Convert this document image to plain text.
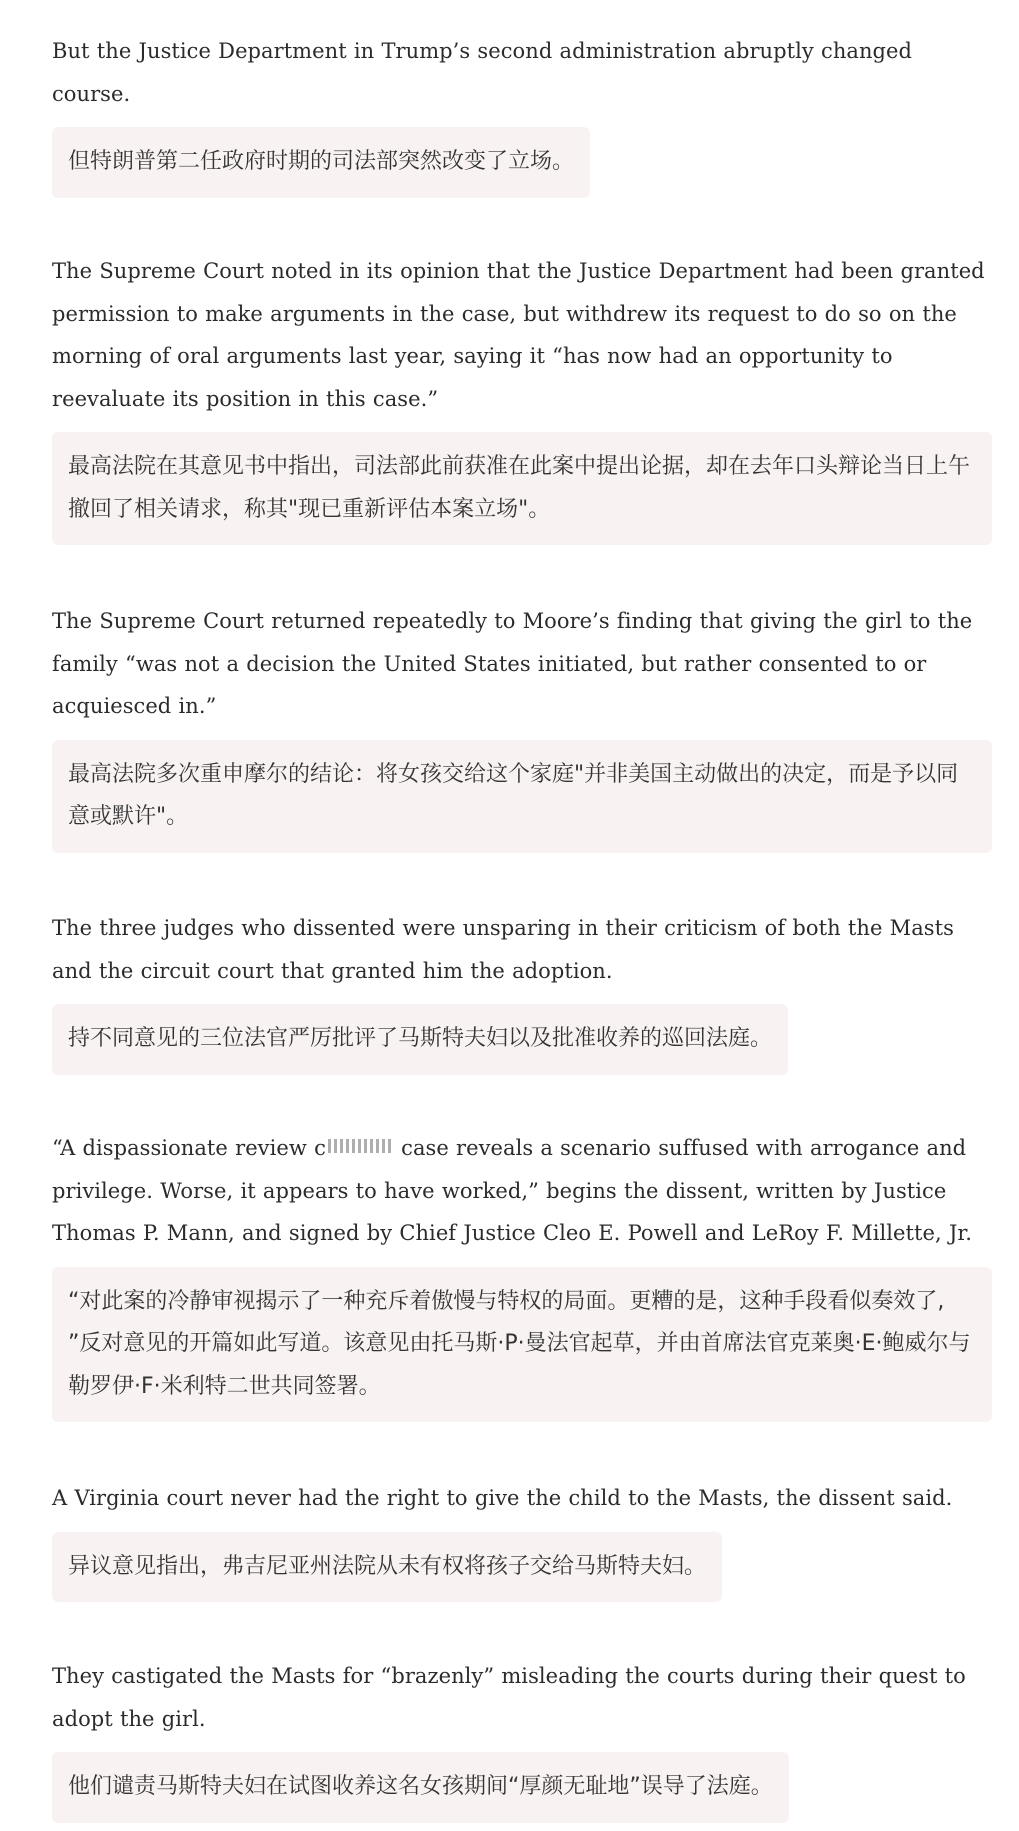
But the Justice Department in Trump’s second administration abruptly changed course.

但特朗普第二任政府时期的司法部突然改变了立场。

The Supreme Court noted in its opinion that the Justice Department had been granted permission to make arguments in the case, but withdrew its request to do so on the morning of oral arguments last year, saying it “has now had an opportunity to reevaluate its position in this case.”

最高法院在其意见书中指出，司法部此前获准在此案中提出论据，却在去年口头辩论当日上午撤回了相关请求，称其"现已重新评估本案立场"。

The Supreme Court returned repeatedly to Moore’s finding that giving the girl to the family “was not a decision the United States initiated, but rather consented to or acquiesced in.”

最高法院多次重申摩尔的结论：将女孩交给这个家庭"并非美国主动做出的决定，而是予以同意或默许"。

The three judges who dissented were unsparing in their criticism of both the Masts and the circuit court that granted him the adoption.

持不同意见的三位法官严厉批评了马斯特夫妇以及批准收养的巡回法庭。

“A dispassionate review c	case reveals a scenario suffused with arrogance and privilege. Worse, it appears to have worked,” begins the dissent, written by Justice Thomas P. Mann, and signed by Chief Justice Cleo E. Powell and LeRoy F. Millette, Jr.

“对此案的冷静审视揭示了一种充斥着傲慢与特权的局面。更糟的是，这种手段看似奏效了, ”反对意见的开篇如此写道。该意见由托马斯·P·曼法官起草，并由首席法官克莱奥·E·鲍威尔与勒罗伊·F·米利特二世共同签署。

A Virginia court never had the right to give the child to the Masts, the dissent said.

异议意见指出，弗吉尼亚州法院从未有权将孩子交给马斯特夫妇。

They castigated the Masts for “brazenly” misleading the courts during their quest to adopt the girl.

他们谴责马斯特夫妇在试图收养这名女孩期间“厚颜无耻地”误导了法庭。
